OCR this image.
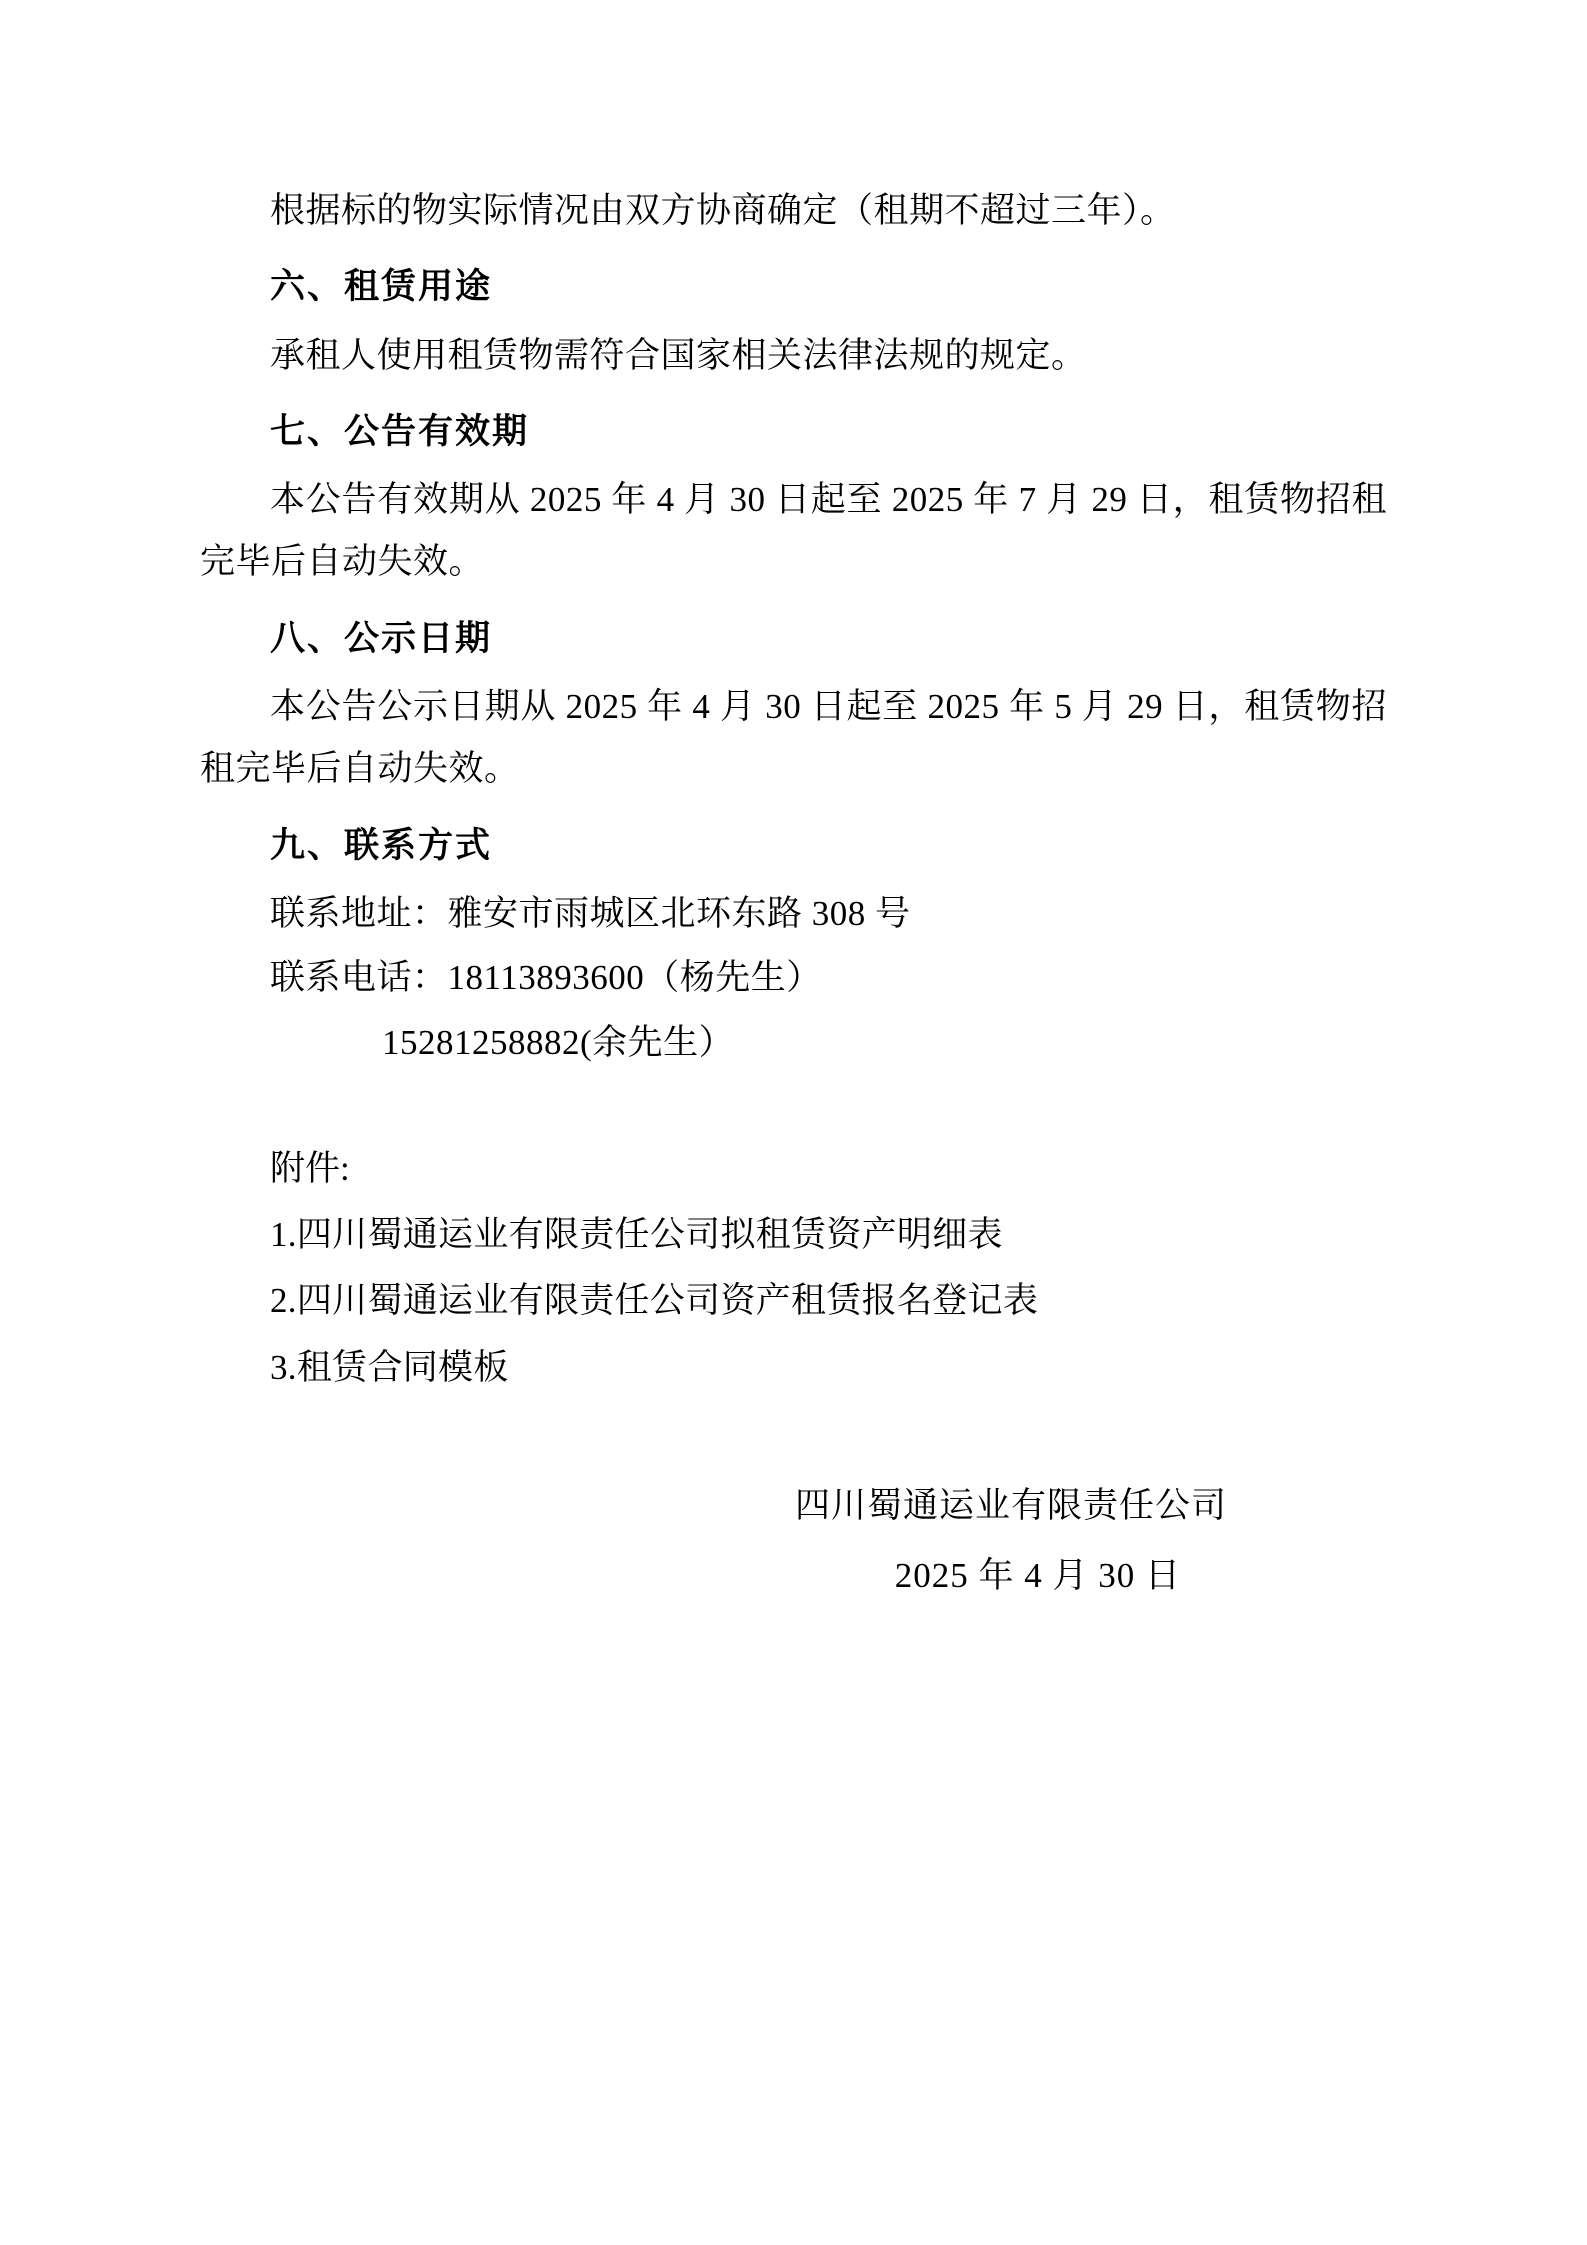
根据标的物实际情况由双方协商确定（租期不超过三年）。

六、租赁用途

承租人使用租赁物需符合国家相关法律法规的规定。

七、公告有效期

本公告有效期从 2025 年 4 月 30 日起至 2025 年 7 月 29 日，租赁物招租完毕后自动失效。

八、公示日期

本公告公示日期从 2025 年 4 月 30 日起至 2025 年 5 月 29 日，租赁物招租完毕后自动失效。

九、联系方式

联系地址：雅安市雨城区北环东路 308 号

联系电话：18113893600（杨先生）

15281258882(余先生）

附件:

1.四川蜀通运业有限责任公司拟租赁资产明细表

2.四川蜀通运业有限责任公司资产租赁报名登记表

3.租赁合同模板

四川蜀通运业有限责任公司

2025 年 4 月 30 日
